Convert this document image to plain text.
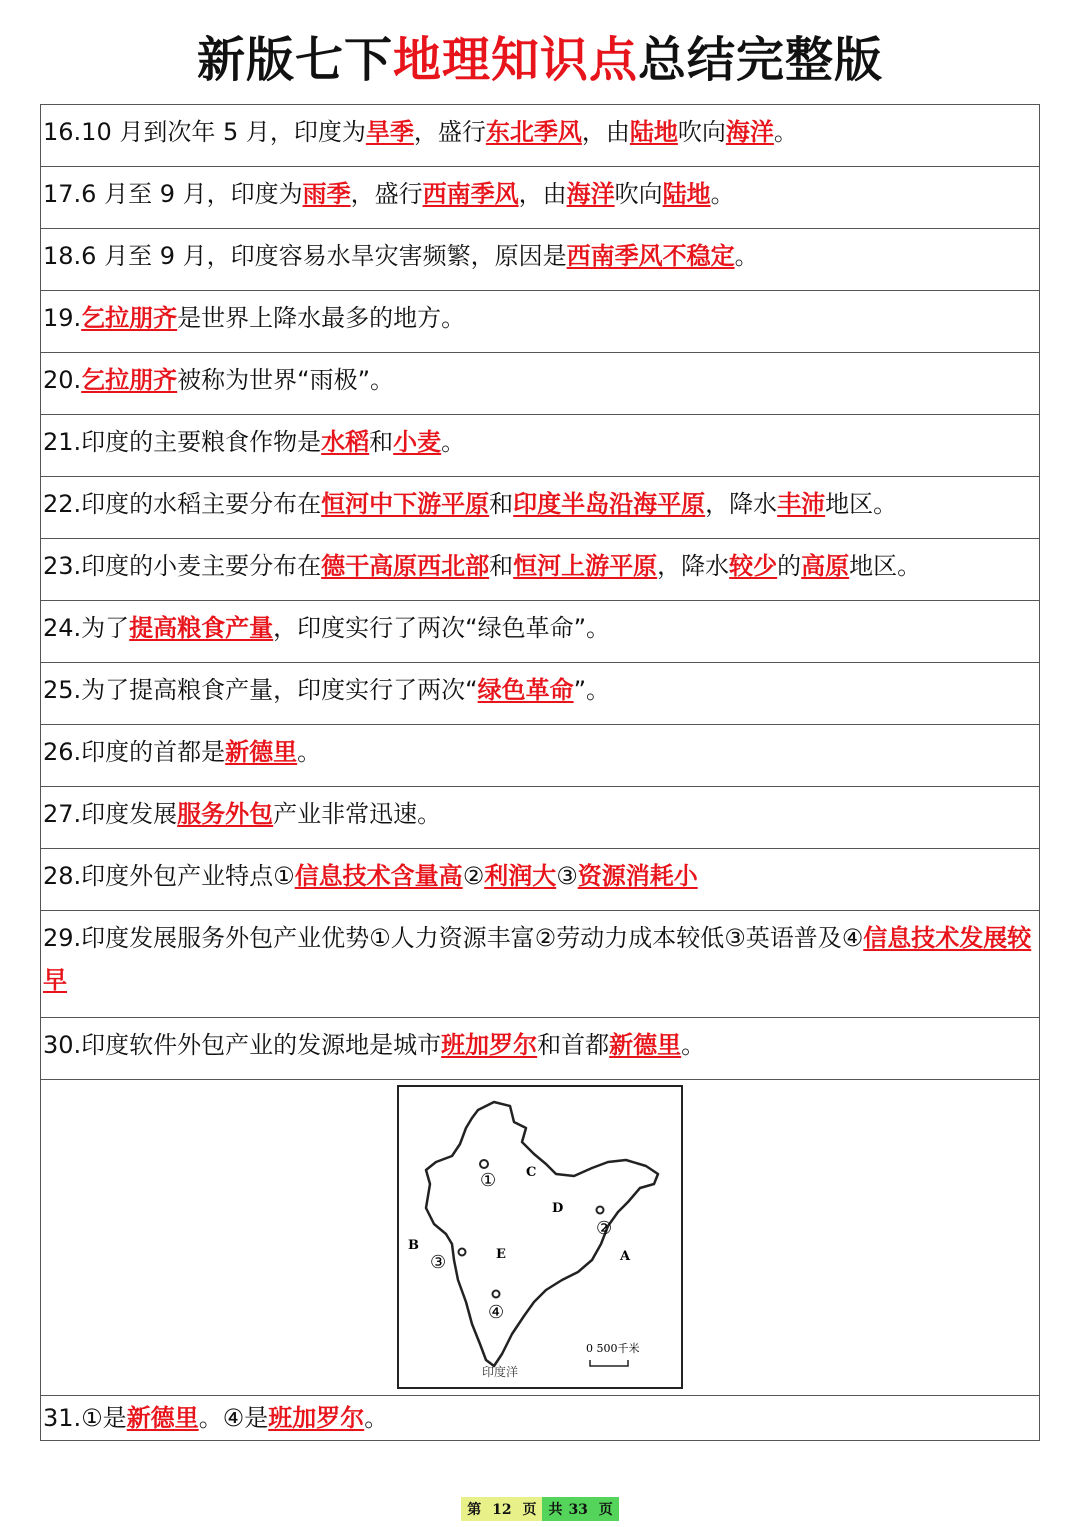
新版七下地理知识点总结完整版
16.10 月到次年 5 月，印度为旱季，盛行东北季风，由陆地吹向海洋。
17.6 月至 9 月，印度为雨季，盛行西南季风，由海洋吹向陆地。
18.6 月至 9 月，印度容易水旱灾害频繁，原因是西南季风不稳定。
19.乞拉朋齐是世界上降水最多的地方。
20.乞拉朋齐被称为世界“雨极”。
21.印度的主要粮食作物是水稻和小麦。
22.印度的水稻主要分布在恒河中下游平原和印度半岛沿海平原，降水丰沛地区。
23.印度的小麦主要分布在德干高原西北部和恒河上游平原，降水较少的高原地区。
24.为了提高粮食产量，印度实行了两次“绿色革命”。
25.为了提高粮食产量，印度实行了两次“绿色革命”。
26.印度的首都是新德里。
27.印度发展服务外包产业非常迅速。
28.印度外包产业特点①信息技术含量高②利润大③资源消耗小
29.印度发展服务外包产业优势①人力资源丰富②劳动力成本较低③英语普及④信息技术发展较早
30.印度软件外包产业的发源地是城市班加罗尔和首都新德里。

①
②
③
④
C
D
B
E	A
0 500千米
印度洋

31.①是新德里。④是班加罗尔。
第 12 页 共 33 页
